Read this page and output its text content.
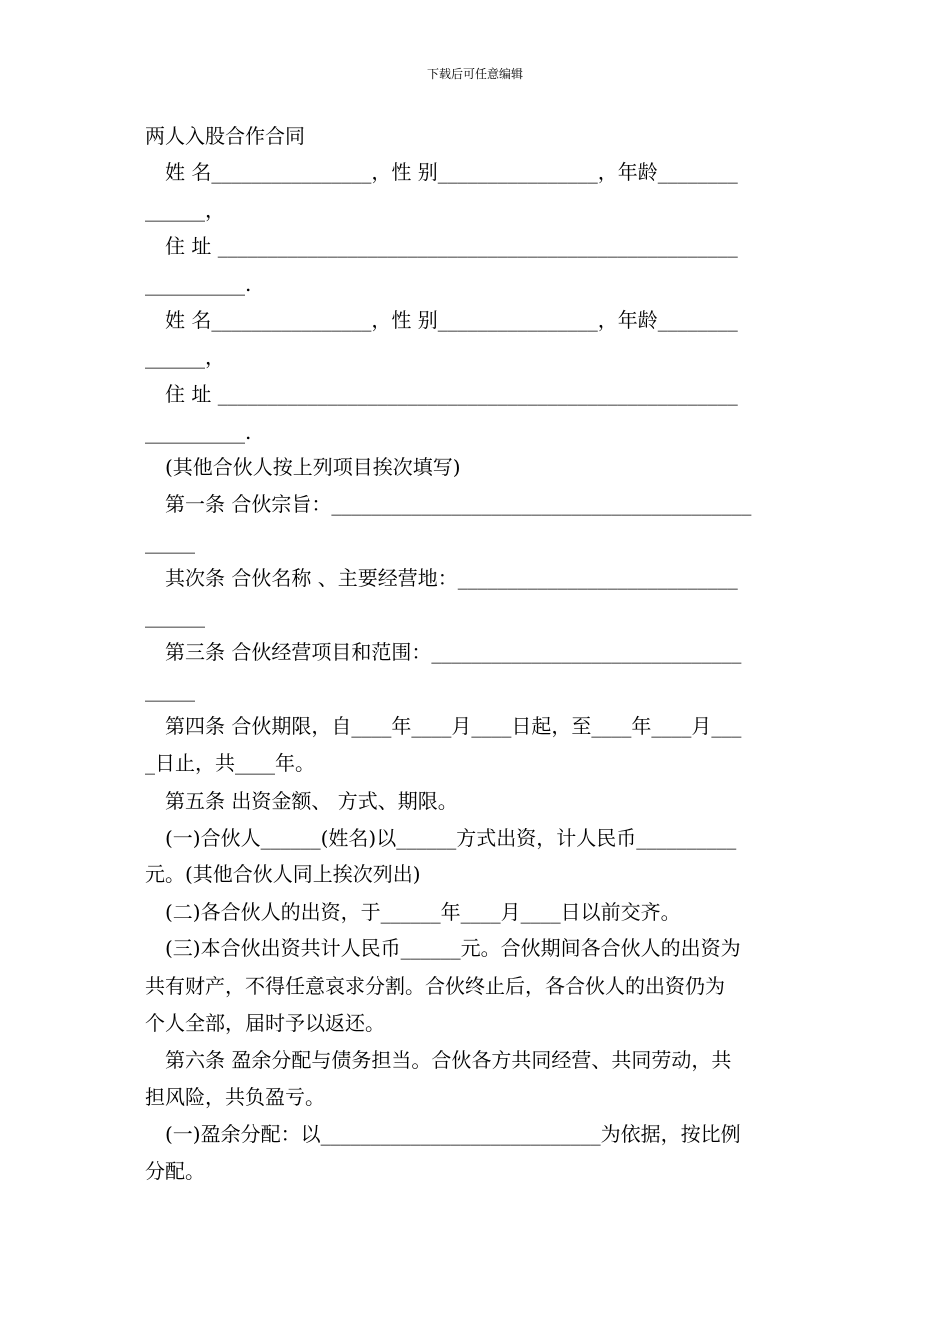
下载后可任意编辑
两人入股合作合同
姓 名________________，性 别________________，年龄________
______，
住 址 ____________________________________________________
__________.
姓 名________________，性 别________________，年龄________
______，
住 址 ____________________________________________________
__________.
(其他合伙人按上列项目挨次填写)
第一条 合伙宗旨：__________________________________________
_____
其次条 合伙名称 、主要经营地：____________________________
______
第三条 合伙经营项目和范围：_______________________________
_____
第四条 合伙期限，自____年____月____日起，至____年____月___
_日止，共____年。
第五条 出资金额、 方式、期限。
(一)合伙人______(姓名)以______方式出资，计人民币__________
元。(其他合伙人同上挨次列出)
(二)各合伙人的出资，于______年____月____日以前交齐。
(三)本合伙出资共计人民币______元。合伙期间各合伙人的出资为
共有财产，不得任意哀求分割。合伙终止后，各合伙人的出资仍为
个人全部，届时予以返还。
第六条 盈余分配与债务担当。合伙各方共同经营、共同劳动，共
担风险，共负盈亏。
(一)盈余分配：以____________________________为依据，按比例
分配。
